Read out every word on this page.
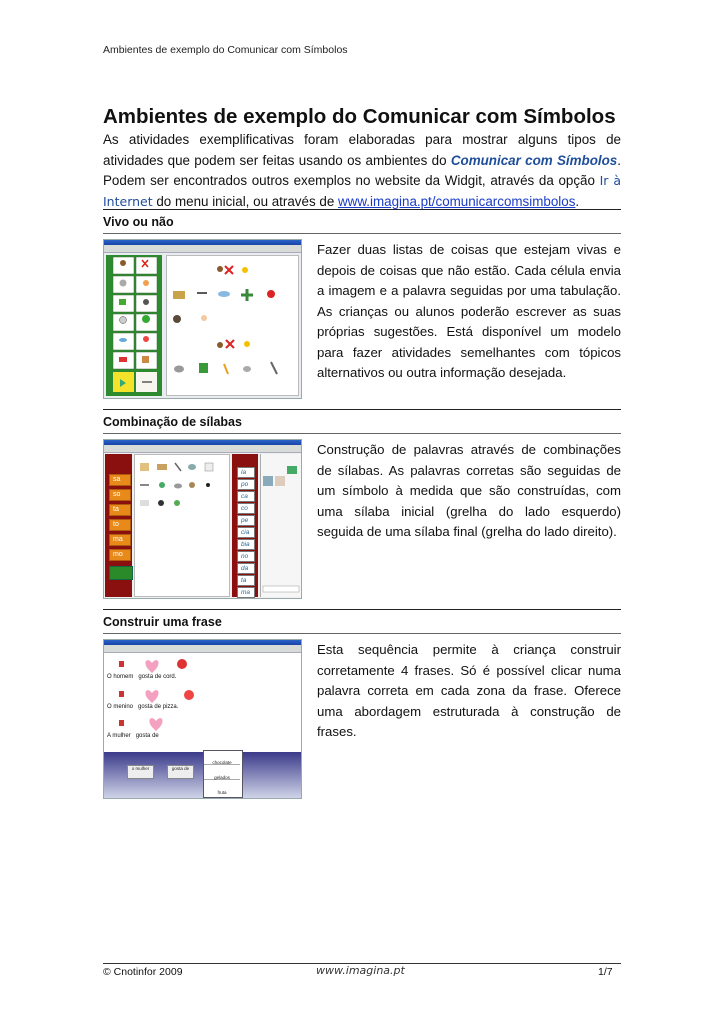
Ambientes de exemplo do Comunicar com Símbolos
Ambientes de exemplo do Comunicar com Símbolos

As atividades exemplificativas foram elaboradas para mostrar alguns tipos de atividades que podem ser feitas usando os ambientes do Comunicar com Símbolos. Podem ser encontrados outros exemplos no website da Widgit, através da opção Ir à Internet do menu inicial, ou através de www.imagina.pt/comunicarcomsimbolos.

Vivo ou não

Fazer duas listas de coisas que estejam vivas e depois de coisas que não estão. Cada célula envia a imagem e a palavra seguidas por uma tabulação. As crianças ou alunos poderão escrever as suas próprias sugestões. Está disponível um modelo para fazer atividades semelhantes com tópicos alternativos ou outra informação desejada.

Combinação de sílabas

Construção de palavras através de combinações de sílabas. As palavras corretas são seguidas de um símbolo à medida que são construídas, com uma sílaba inicial (grelha do lado esquerdo) seguida de uma sílaba final (grelha do lado direito).

sa
so
ta
to
ma
mo
la
po
ca
co
pe
cia
bia
no
da
ta
ma
Construir uma frase

Esta sequência permite à criança construir corretamente 4 frases. Só é possível clicar numa palavra correta em cada zona da frase. Oferece uma abordagem estruturada à construção de frases.

O homem gosta de cord.
O menino gosta de pizza.
A mulher gosta de
o mulher	gosta de
chocolate
gelados
fruta
© Cnotinfor 2009	www.imagina.pt	1/7
